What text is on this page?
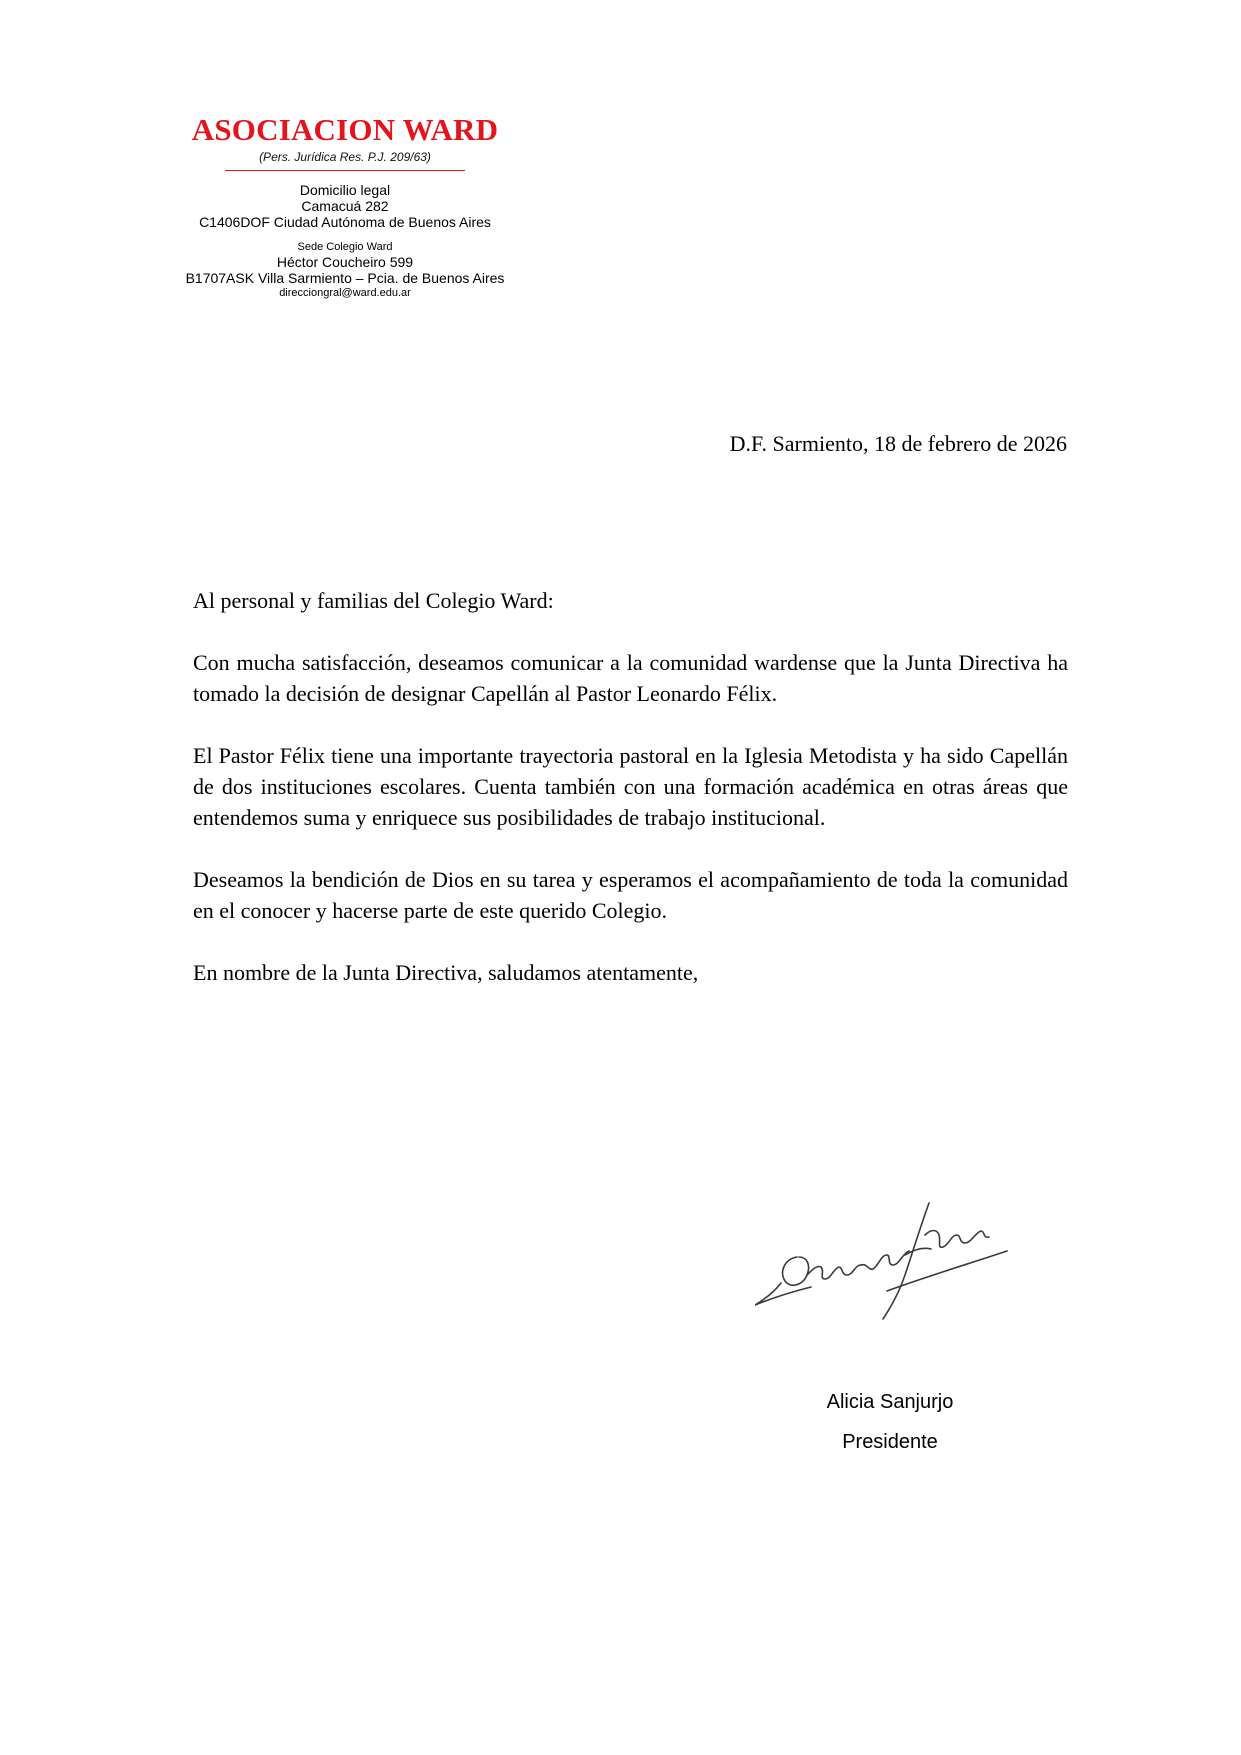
ASOCIACION WARD
(Pers. Jurídica Res. P.J. 209/63)
Domicilio legal
Camacuá 282
C1406DOF Ciudad Autónoma de Buenos Aires
Sede Colegio Ward
Héctor Coucheiro 599
B1707ASK Villa Sarmiento – Pcia. de Buenos Aires
direcciongral@ward.edu.ar
D.F. Sarmiento, 18 de febrero de 2026

Al personal y familias del Colegio Ward:

Con mucha satisfacción, deseamos comunicar a la comunidad wardense que la Junta Directiva ha tomado la decisión de designar Capellán al Pastor Leonardo Félix.

El Pastor Félix tiene una importante trayectoria pastoral en la Iglesia Metodista y ha sido Capellán de dos instituciones escolares. Cuenta también con una formación académica en otras áreas que entendemos suma y enriquece sus posibilidades de trabajo institucional.

Deseamos la bendición de Dios en su tarea y esperamos el acompañamiento de toda la comunidad en el conocer y hacerse parte de este querido Colegio.

En nombre de la Junta Directiva, saludamos atentamente,

Alicia Sanjurjo
Presidente
